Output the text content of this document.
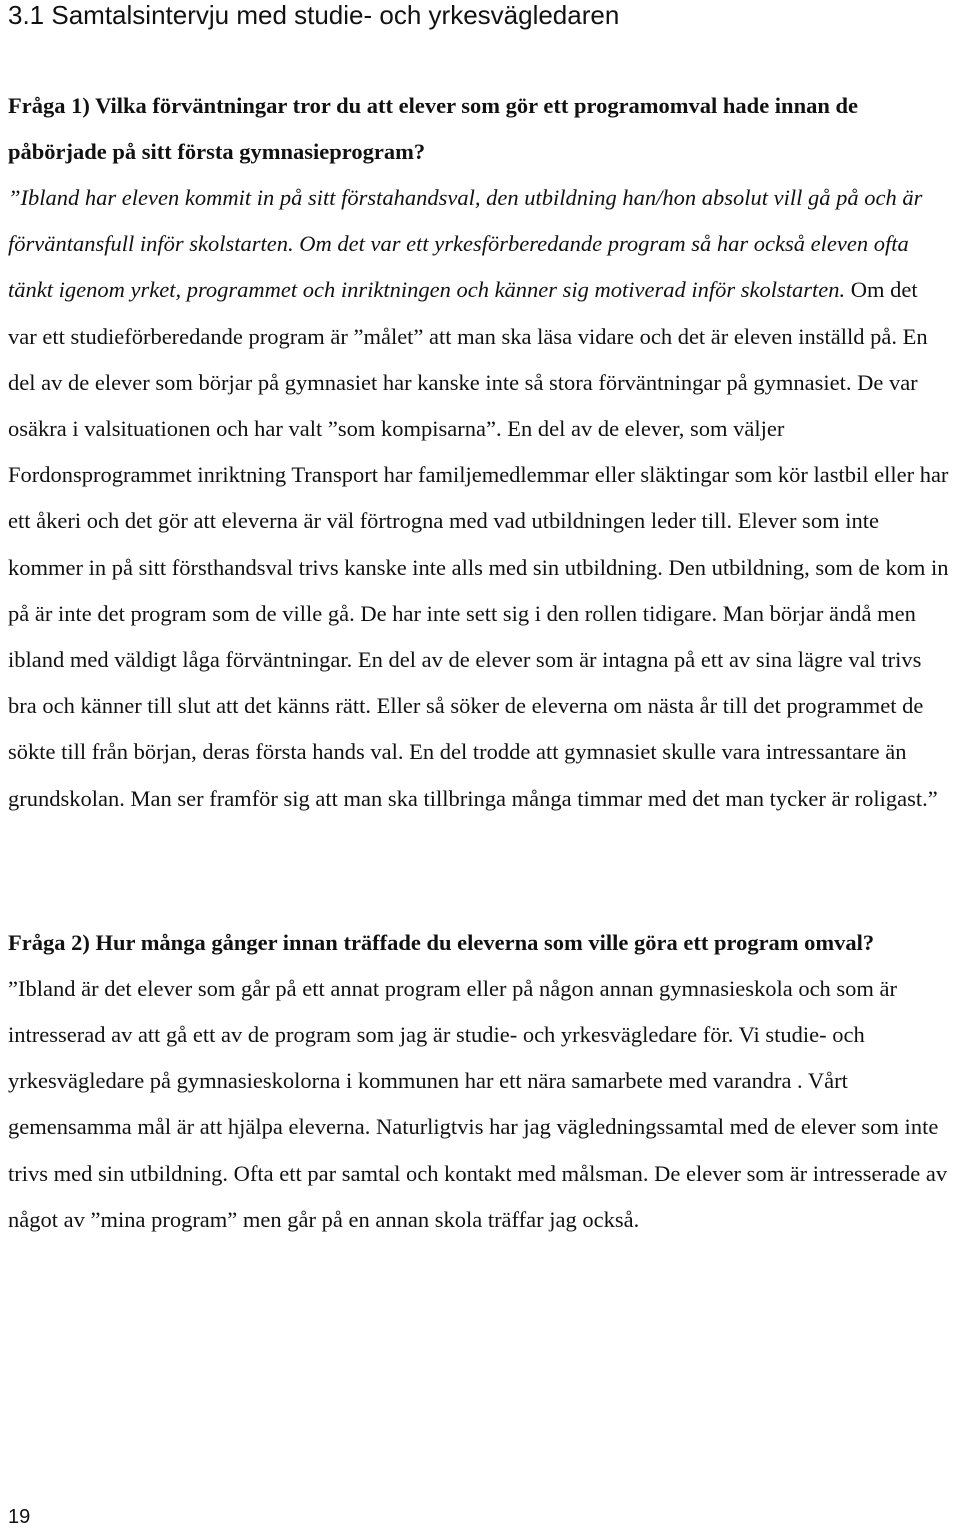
3.1 Samtalsintervju med studie- och yrkesvägledaren

Fråga 1) Vilka förväntningar tror du att elever som gör ett programomval hade innan de påbörjade på sitt första gymnasieprogram?

”Ibland har eleven kommit in på sitt förstahandsval, den utbildning han/hon absolut vill gå på och är förväntansfull inför skolstarten. Om det var ett yrkesförberedande program så har också eleven ofta tänkt igenom yrket, programmet och inriktningen och känner sig motiverad inför skolstarten. Om det var ett studieförberedande program är ”målet” att man ska läsa vidare och det är eleven inställd på. En del av de elever som börjar på gymnasiet har kanske inte så stora förväntningar på gymnasiet. De var osäkra i valsituationen och har valt ”som kompisarna”. En del av de elever, som väljer Fordonsprogrammet inriktning Transport har familjemedlemmar eller släktingar som kör lastbil eller har ett åkeri och det gör att eleverna är väl förtrogna med vad utbildningen leder till. Elever som inte kommer in på sitt försthandsval trivs kanske inte alls med sin utbildning. Den utbildning, som de kom in på är inte det program som de ville gå. De har inte sett sig i den rollen tidigare. Man börjar ändå men ibland med väldigt låga förväntningar. En del av de elever som är intagna på ett av sina lägre val trivs bra och känner till slut att det känns rätt. Eller så söker de eleverna om nästa år till det programmet de sökte till från början, deras första hands val. En del trodde att gymnasiet skulle vara intressantare än grundskolan. Man ser framför sig att man ska tillbringa många timmar med det man tycker är roligast.”

Fråga 2) Hur många gånger innan träffade du eleverna som ville göra ett program omval?

”Ibland är det elever som går på ett annat program eller på någon annan gymnasieskola och som är intresserad av att gå ett av de program som jag är studie- och yrkesvägledare för. Vi studie- och yrkesvägledare på gymnasieskolorna i kommunen har ett nära samarbete med varandra . Vårt gemensamma mål är att hjälpa eleverna. Naturligtvis har jag vägledningssamtal med de elever som inte trivs med sin utbildning. Ofta ett par samtal och kontakt med målsman. De elever som är intresserade av något av ”mina program” men går på en annan skola träffar jag också.

19
